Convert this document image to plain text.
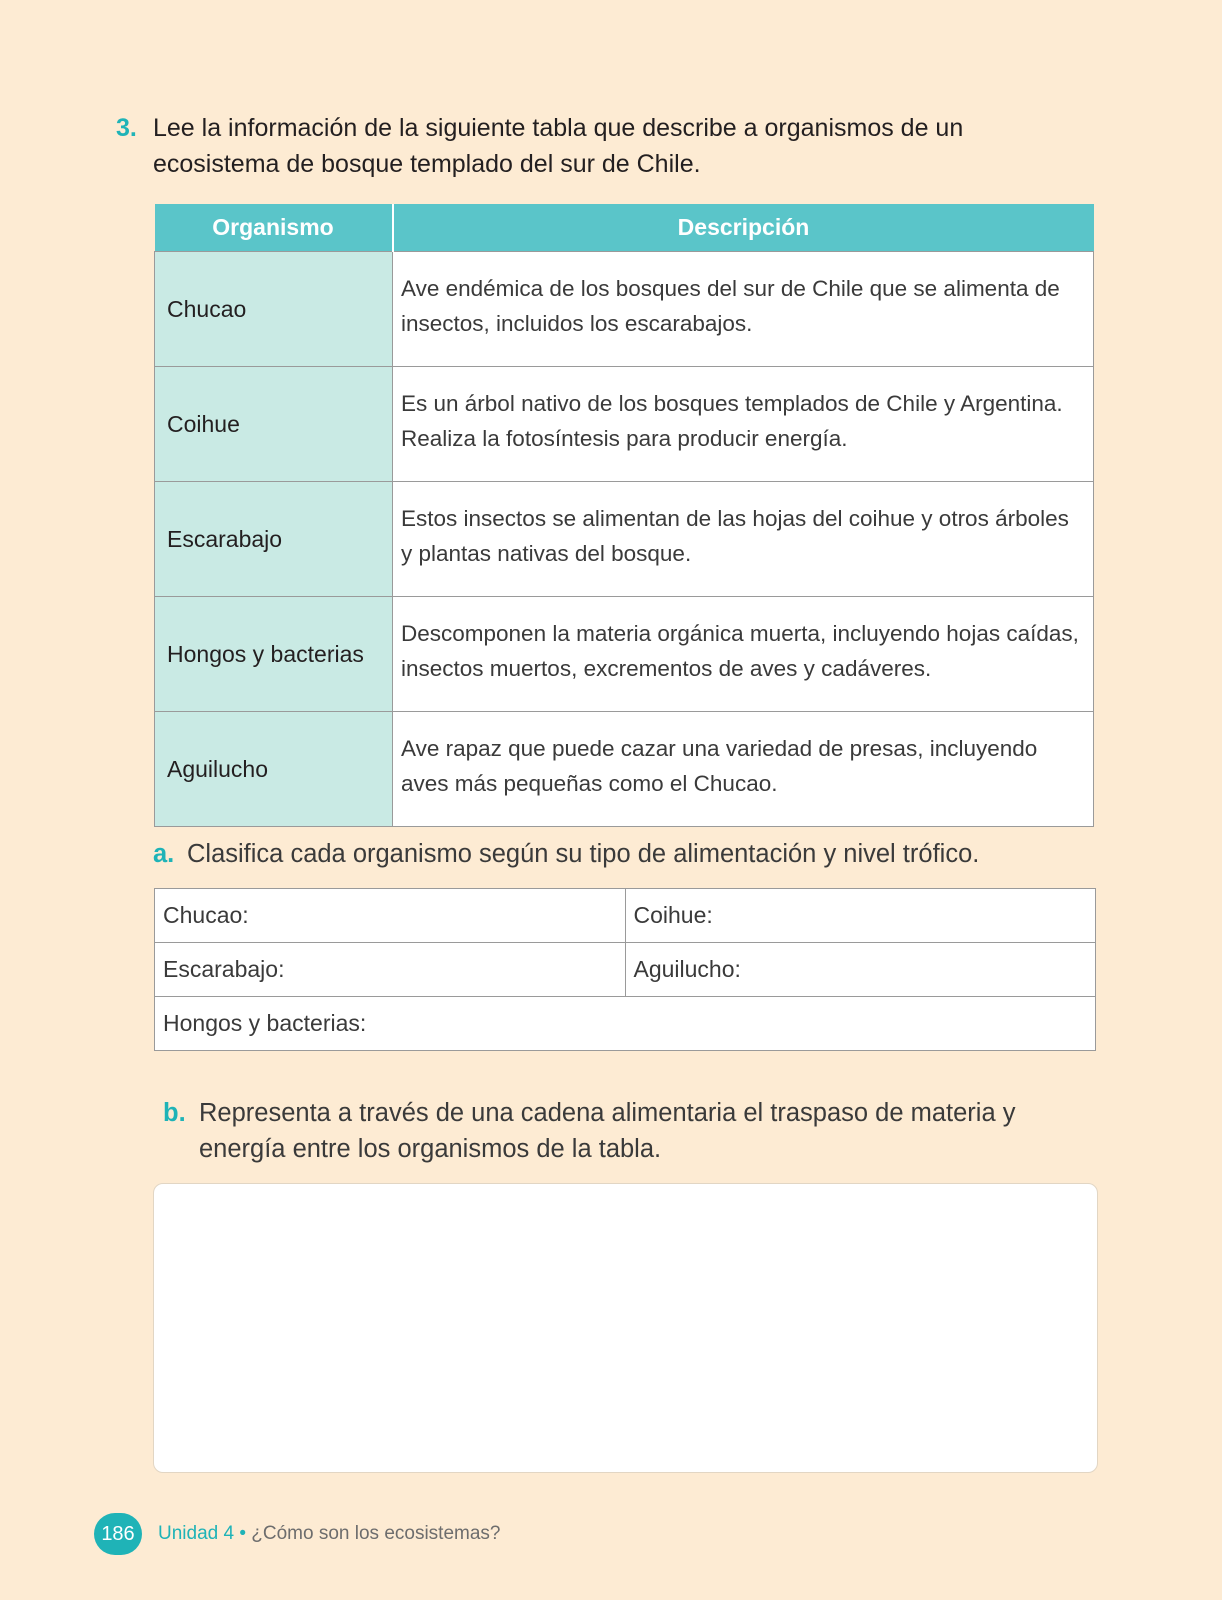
3. Lee la información de la siguiente tabla que describe a organismos de un ecosistema de bosque templado del sur de Chile.
Organismo	Descripción
Chucao	Ave endémica de los bosques del sur de Chile que se alimenta de insectos, incluidos los escarabajos.
Coihue	Es un árbol nativo de los bosques templados de Chile y Argentina. Realiza la fotosíntesis para producir energía.
Escarabajo	Estos insectos se alimentan de las hojas del coihue y otros árboles y plantas nativas del bosque.
Hongos y bacterias	Descomponen la materia orgánica muerta, incluyendo hojas caídas, insectos muertos, excrementos de aves y cadáveres.
Aguilucho	Ave rapaz que puede cazar una variedad de presas, incluyendo aves más pequeñas como el Chucao.
a. Clasifica cada organismo según su tipo de alimentación y nivel trófico.
Chucao:	Coihue:
Escarabajo:	Aguilucho:
Hongos y bacterias:	
b. Representa a través de una cadena alimentaria el traspaso de materia y energía entre los organismos de la tabla.
186	Unidad 4 • ¿Cómo son los ecosistemas?
